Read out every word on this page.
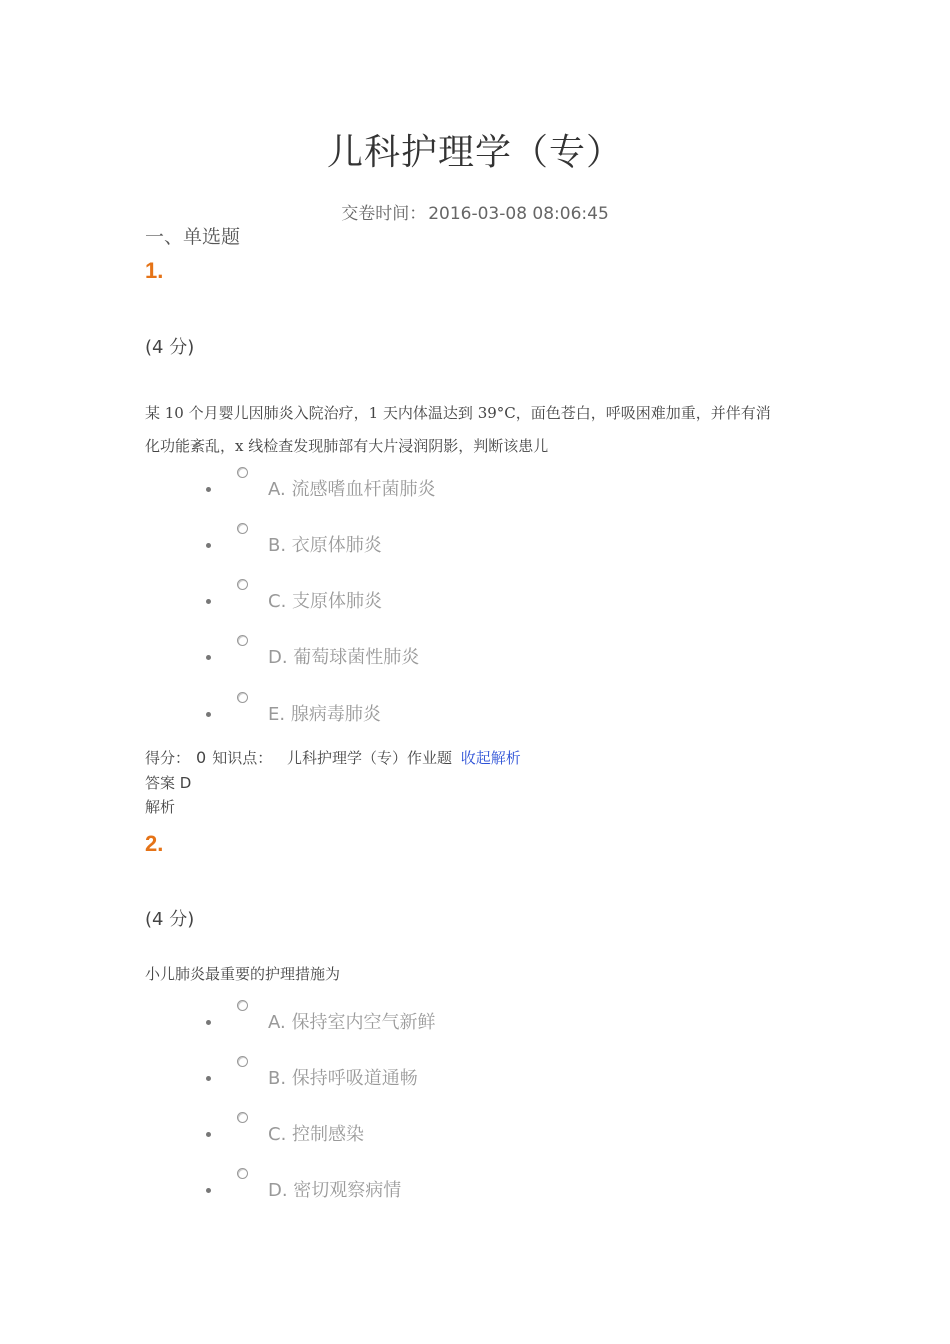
儿科护理学（专）
交卷时间： 2016-03-08 08:06:45
一、单选题
1.
(4 分)
某 10 个月婴儿因肺炎入院治疗，1 天内体温达到 39°C，面色苍白，呼吸困难加重，并伴有消
化功能紊乱，x 线检查发现肺部有大片浸润阴影，判断该患儿
A. 流感嗜血杆菌肺炎
B. 衣原体肺炎
C. 支原体肺炎
D. 葡萄球菌性肺炎
E. 腺病毒肺炎
得分： 0 知识点： 儿科护理学（专）作业题 收起解析
答案 D
解析
2.
(4 分)
小儿肺炎最重要的护理措施为
A. 保持室内空气新鲜
B. 保持呼吸道通畅
C. 控制感染
D. 密切观察病情
